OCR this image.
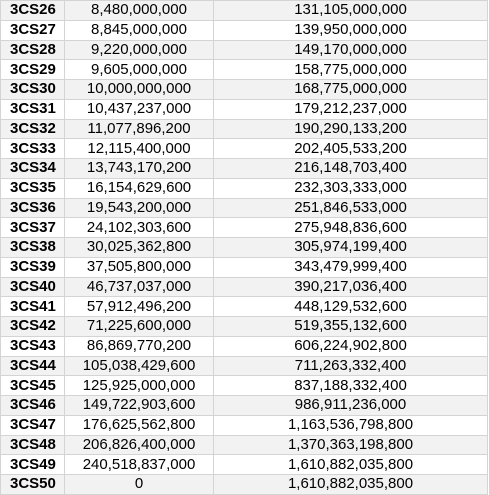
3CS26	8,480,000,000	131,105,000,000
3CS27	8,845,000,000	139,950,000,000
3CS28	9,220,000,000	149,170,000,000
3CS29	9,605,000,000	158,775,000,000
3CS30	10,000,000,000	168,775,000,000
3CS31	10,437,237,000	179,212,237,000
3CS32	11,077,896,200	190,290,133,200
3CS33	12,115,400,000	202,405,533,200
3CS34	13,743,170,200	216,148,703,400
3CS35	16,154,629,600	232,303,333,000
3CS36	19,543,200,000	251,846,533,000
3CS37	24,102,303,600	275,948,836,600
3CS38	30,025,362,800	305,974,199,400
3CS39	37,505,800,000	343,479,999,400
3CS40	46,737,037,000	390,217,036,400
3CS41	57,912,496,200	448,129,532,600
3CS42	71,225,600,000	519,355,132,600
3CS43	86,869,770,200	606,224,902,800
3CS44	105,038,429,600	711,263,332,400
3CS45	125,925,000,000	837,188,332,400
3CS46	149,722,903,600	986,911,236,000
3CS47	176,625,562,800	1,163,536,798,800
3CS48	206,826,400,000	1,370,363,198,800
3CS49	240,518,837,000	1,610,882,035,800
3CS50	0	1,610,882,035,800
